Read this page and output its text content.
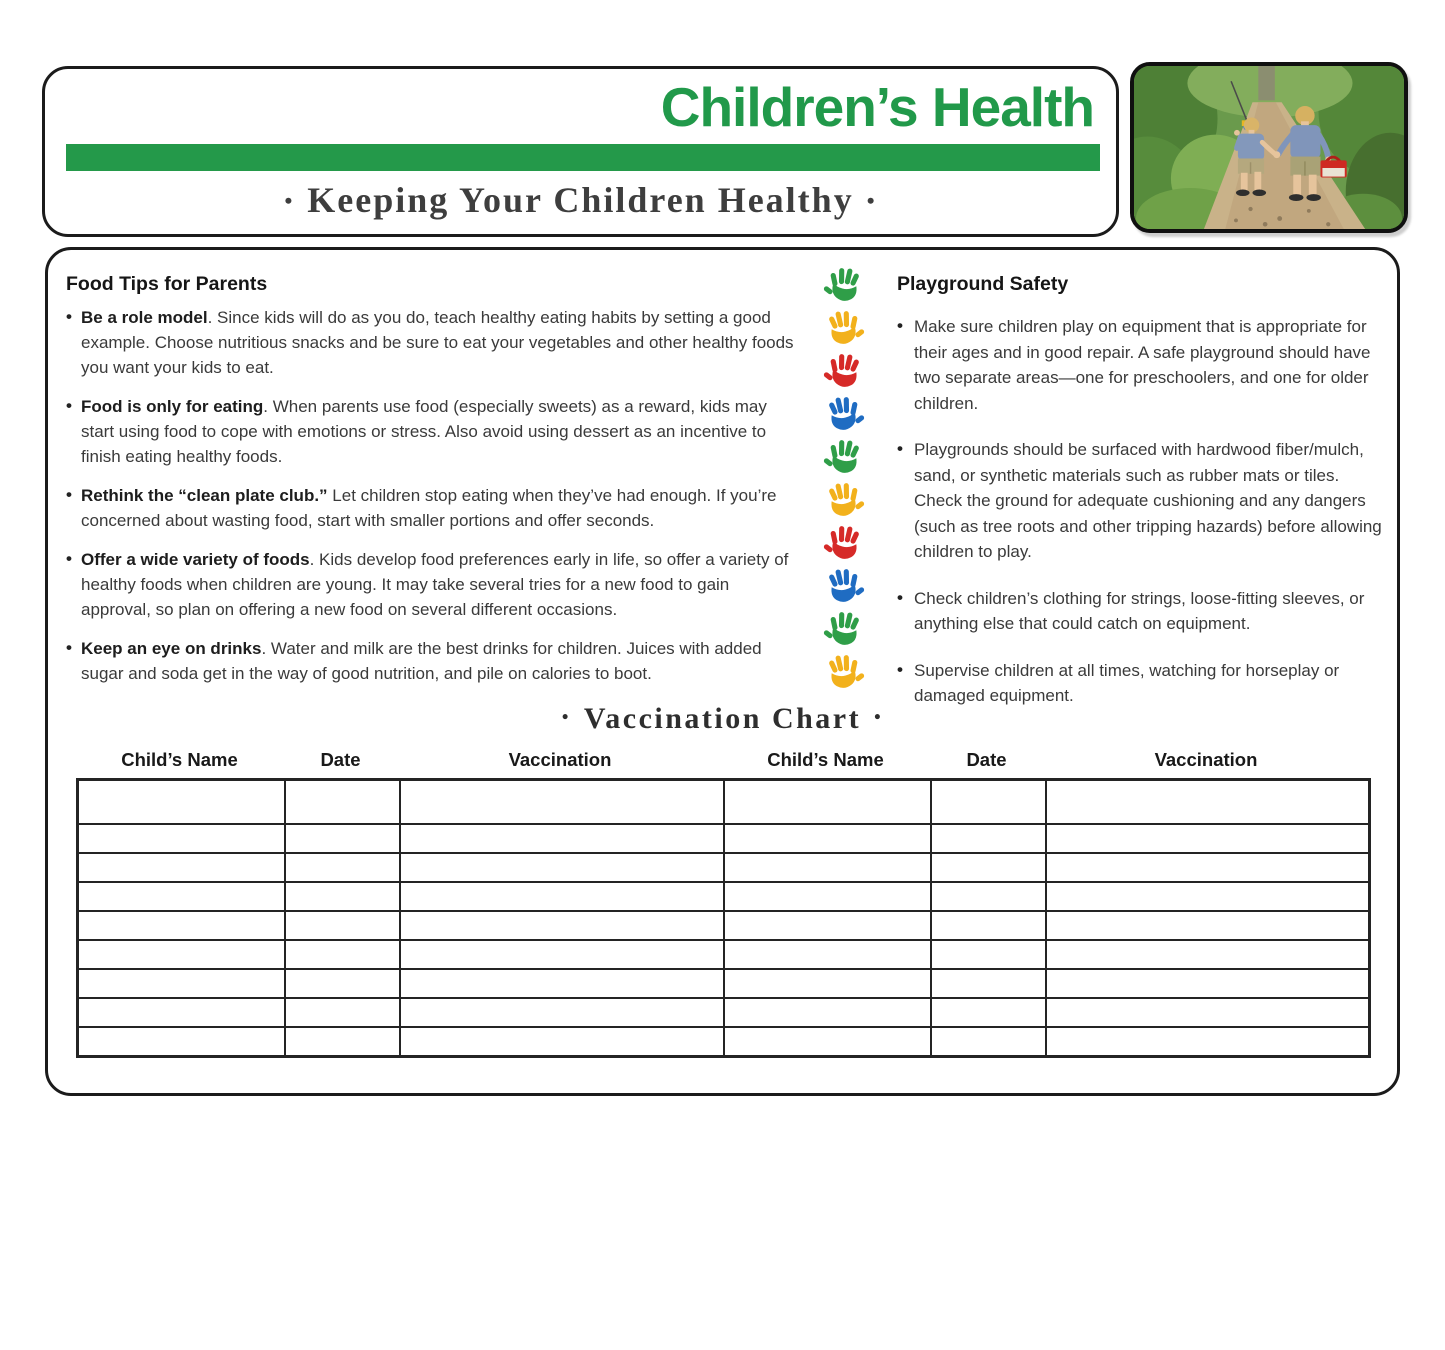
Children’s Health
• Keeping Your Children Healthy •
Food Tips for Parents

• Be a role model. Since kids will do as you do, teach healthy eating habits by setting a good example. Choose nutritious snacks and be sure to eat your vegetables and other healthy foods you want your kids to eat.

• Food is only for eating. When parents use food (especially sweets) as a reward, kids may start using food to cope with emotions or stress. Also avoid using dessert as an incentive to finish eating healthy foods.

• Rethink the “clean plate club.” Let children stop eating when they’ve had enough. If you’re concerned about wasting food, start with smaller portions and offer seconds.

• Offer a wide variety of foods. Kids develop food preferences early in life, so offer a variety of healthy foods when children are young. It may take several tries for a new food to gain approval, so plan on offering a new food on several different occasions.

• Keep an eye on drinks. Water and milk are the best drinks for children. Juices with added sugar and soda get in the way of good nutrition, and pile on calories to boot.

Playground Safety

• Make sure children play on equipment that is appropriate for their ages and in good repair. A safe playground should have two separate areas—one for preschoolers, and one for older children.

• Playgrounds should be surfaced with hardwood fiber/mulch, sand, or synthetic materials such as rubber mats or tiles. Check the ground for adequate cushioning and any dangers (such as tree roots and other tripping hazards) before allowing children to play.

• Check children’s clothing for strings, loose-fitting sleeves, or anything else that could catch on equipment.

• Supervise children at all times, watching for horseplay or damaged equipment.

• Vaccination Chart •
Child’s Name	Date	Vaccination	Child’s Name	Date	Vaccination
